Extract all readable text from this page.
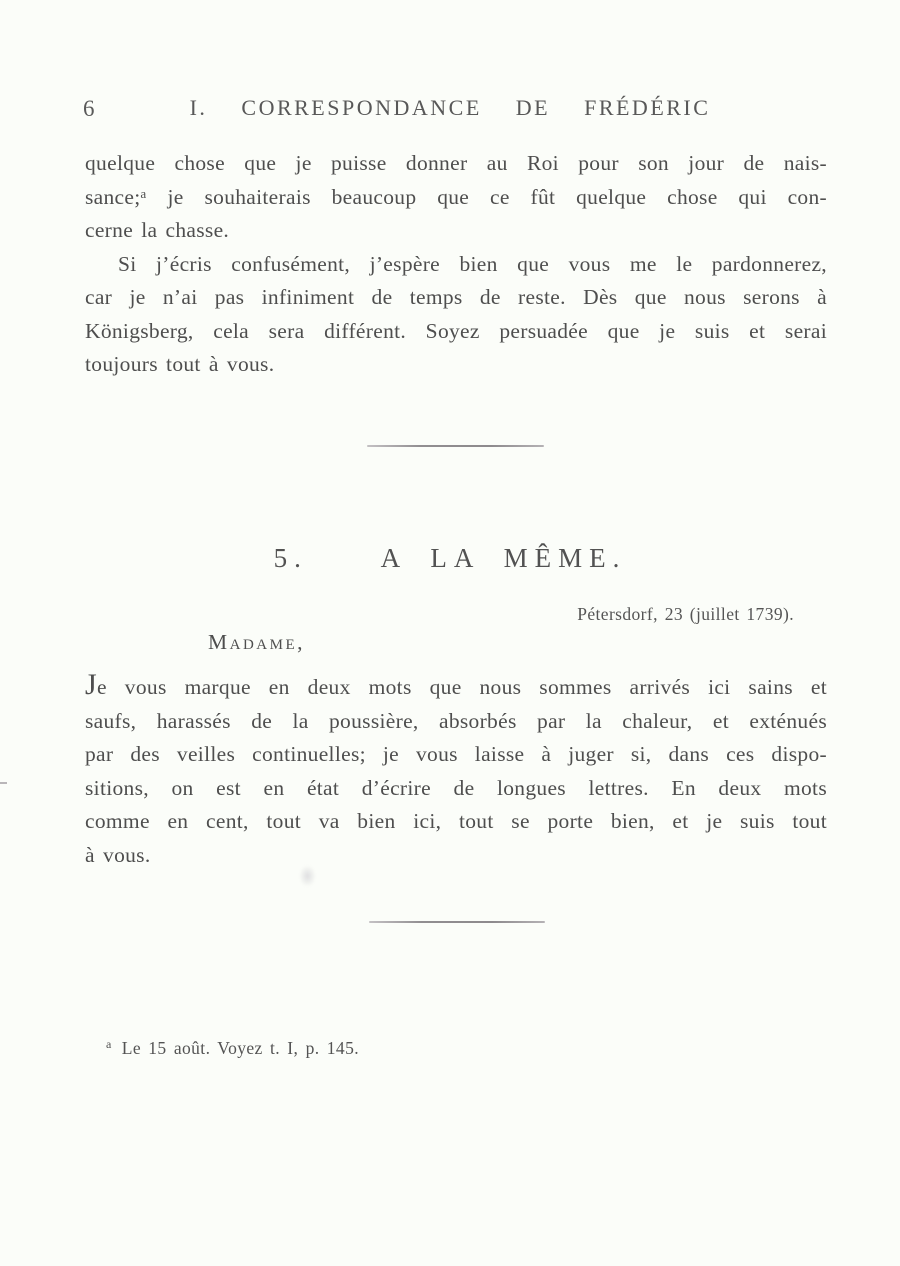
6	I.  CORRESPONDANCE  DE  FRÉDÉRIC
quelque chose que je puisse donner au Roi pour son jour de nais-
sance;ᵃ je souhaiterais beaucoup que ce fût quelque chose qui con-
cerne la chasse.
Si j’écris confusément, j’espère bien que vous me le pardonnerez,
car je n’ai pas infiniment de temps de reste. Dès que nous serons à
Königsberg, cela sera différent. Soyez persuadée que je suis et serai
toujours tout à vous.
5.   A LA MÊME.
Pétersdorf, 23 (juillet 1739).
Madame,
Je vous marque en deux mots que nous sommes arrivés ici sains et
saufs, harassés de la poussière, absorbés par la chaleur, et exténués
par des veilles continuelles; je vous laisse à juger si, dans ces dispo-
sitions, on est en état d’écrire de longues lettres. En deux mots
comme en cent, tout va bien ici, tout se porte bien, et je suis tout
à vous.
$^a$ Le 15 août. Voyez t. I, p. 145.
